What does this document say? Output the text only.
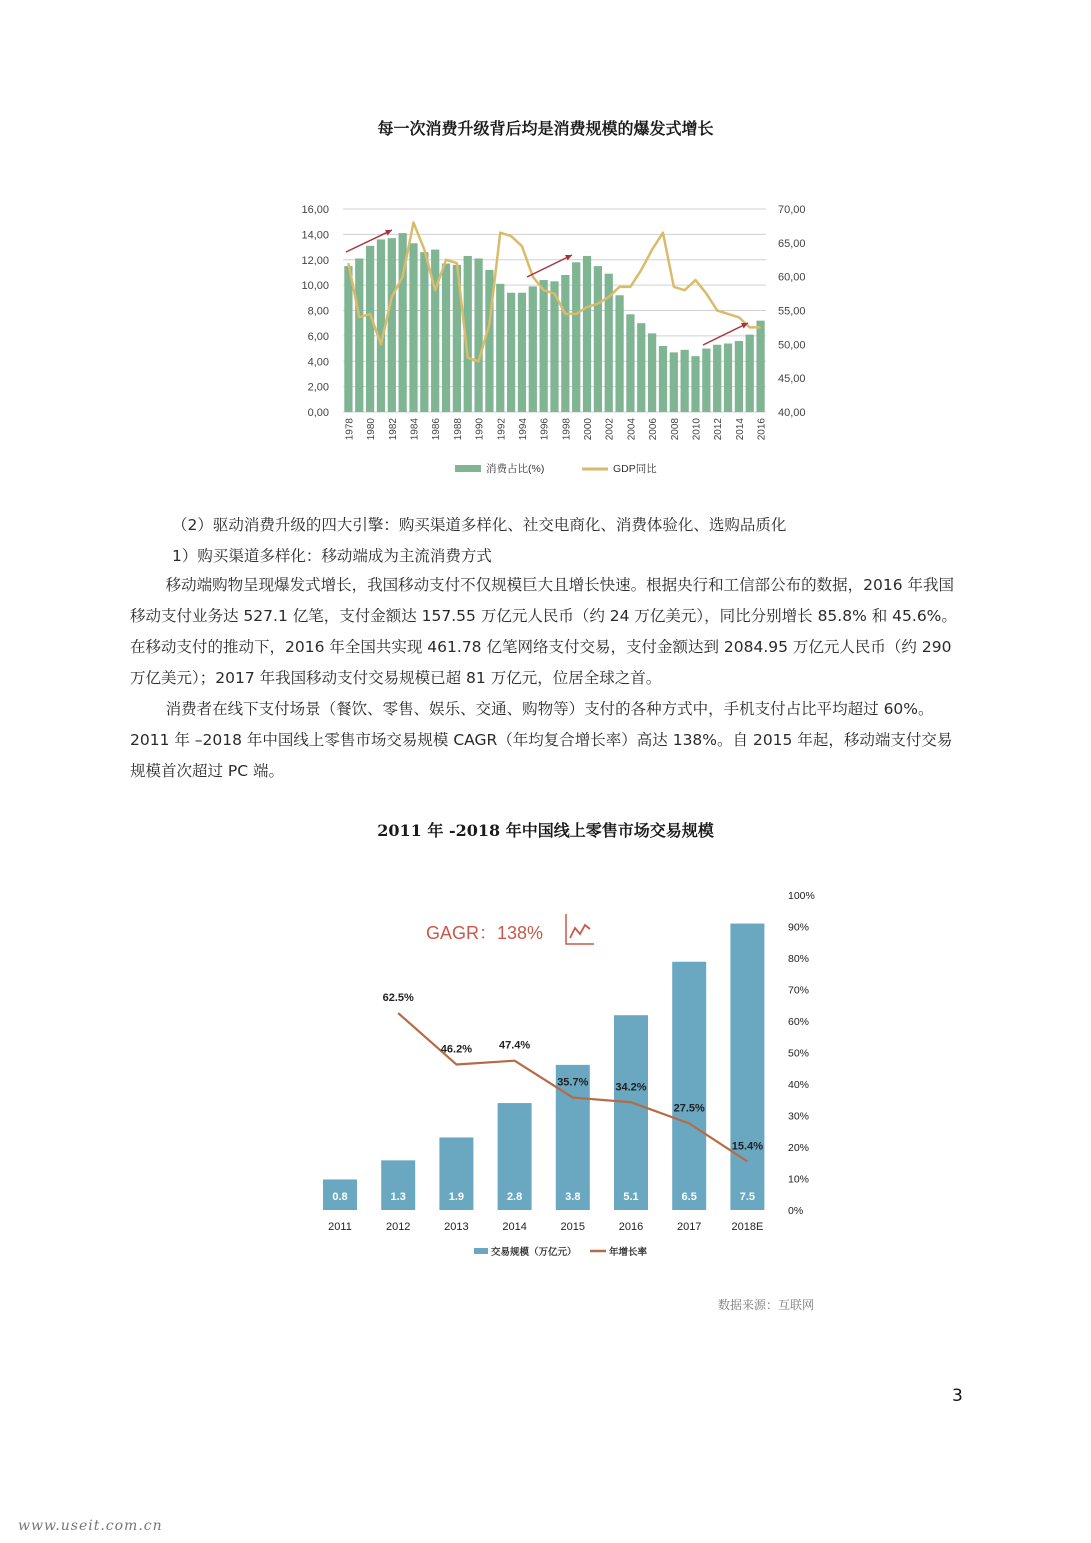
每一次消费升级背后均是消费规模的爆发式增长
0,00
2,00
4,00
6,00
8,00
10,00
12,00
14,00
16,00
40,00
45,00
50,00
55,00
60,00
65,00
70,00
1978 1980 1982 1984 1986 1988 1990 1992 1994 1996 1998 2000 2002 2004 2006 2008 2010 2012 2014 2016
消费占比(%)	GDP同比
（2）驱动消费升级的四大引擎：购买渠道多样化、社交电商化、消费体验化、选购品质化
1）购买渠道多样化：移动端成为主流消费方式
移动端购物呈现爆发式增长，我国移动支付不仅规模巨大且增长快速。根据央行和工信部公布的数据，2016 年我国移动支付业务达 527.1 亿笔，支付金额达 157.55 万亿元人民币（约 24 万亿美元），同比分别增长 85.8% 和 45.6%。在移动支付的推动下，2016 年全国共实现 461.78 亿笔网络支付交易，支付金额达到 2084.95 万亿元人民币（约 290 万亿美元）；2017 年我国移动支付交易规模已超 81 万亿元，位居全球之首。
消费者在线下支付场景（餐饮、零售、娱乐、交通、购物等）支付的各种方式中，手机支付占比平均超过 60%。2011 年 –2018 年中国线上零售市场交易规模 CAGR（年均复合增长率）高达 138%。自 2015 年起，移动端支付交易规模首次超过 PC 端。
2011 年 -2018 年中国线上零售市场交易规模
0.8	1.3	1.9	2.8	3.8	5.1	6.5	7.5
62.5%
46.2% 47.4%
35.7% 34.2%
27.5%
15.4%
2011	2012	2013	2014	2015	2016	2017	2018E
0%
10%
20%
30%
40%
50%
60%
70%
80%
90%
100%
交易规模（万亿元）	年增长率
GAGR：138%
数据来源：互联网
3
www.useit.com.cn
